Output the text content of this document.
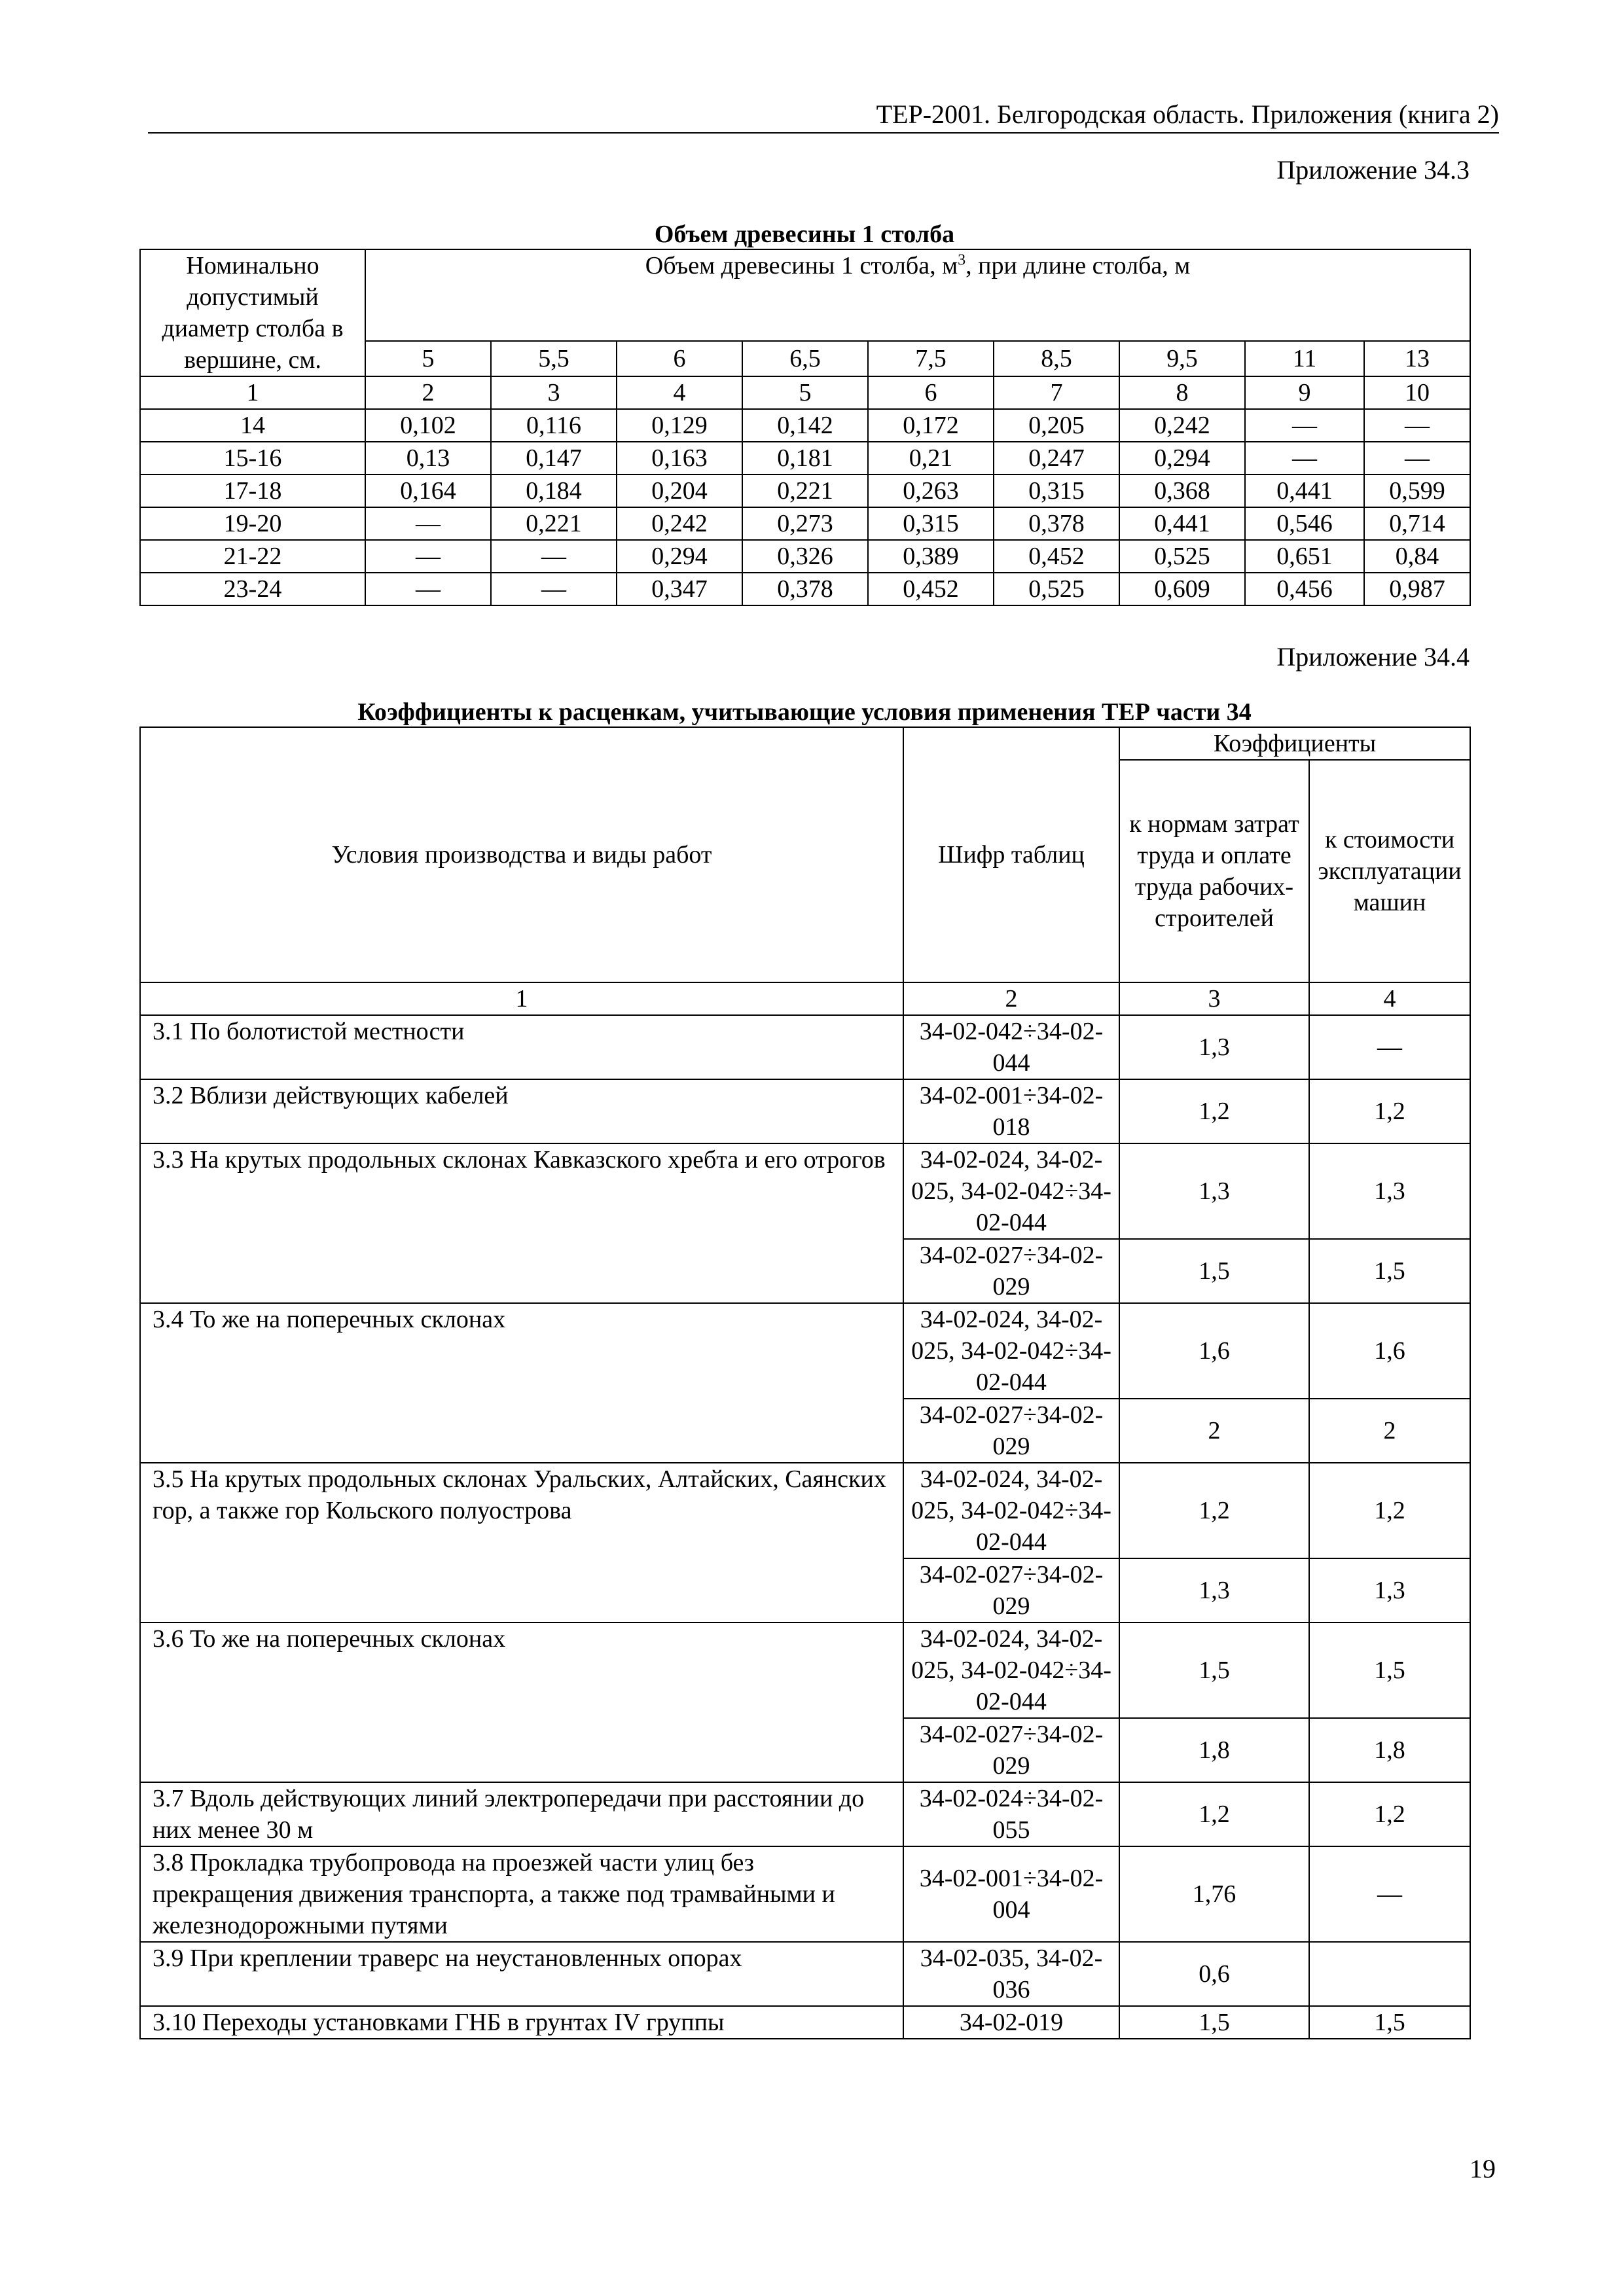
ТЕР-2001. Белгородская область. Приложения (книга 2)
Приложение 34.3
Объем древесины 1 столба
Номинально допустимый диаметр столба в вершине, см.	Объем древесины 1 столба, $м^3$, при длине столба, м								
	5	5,5	6	6,5	7,5	8,5	9,5	11	13
1	2	3	4	5	6	7	8	9	10
14	0,102	0,116	0,129	0,142	0,172	0,205	0,242	—	—
15-16	0,13	0,147	0,163	0,181	0,21	0,247	0,294	—	—
17-18	0,164	0,184	0,204	0,221	0,263	0,315	0,368	0,441	0,599
19-20	—	0,221	0,242	0,273	0,315	0,378	0,441	0,546	0,714
21-22	—	—	0,294	0,326	0,389	0,452	0,525	0,651	0,84
23-24	—	—	0,347	0,378	0,452	0,525	0,609	0,456	0,987
Приложение 34.4
Коэффициенты к расценкам, учитывающие условия применения ТЕР части 34
Условия производства и виды работ	Шифр таблиц	Коэффициенты	
		к нормам затрат труда и оплате труда рабочих-строителей	к стоимости эксплуатации машин
1	2	3	4
3.1 По болотистой местности	34-02-042÷34-02-044	1,3	—
3.2 Вблизи действующих кабелей	34-02-001÷34-02-018	1,2	1,2
3.3 На крутых продольных склонах Кавказского хребта и его отрогов	34-02-024, 34-02-025, 34-02-042÷34-02-044	1,3	1,3
	34-02-027÷34-02-029	1,5	1,5
3.4 То же на поперечных склонах	34-02-024, 34-02-025, 34-02-042÷34-02-044	1,6	1,6
	34-02-027÷34-02-029	2	2
3.5 На крутых продольных склонах Уральских, Алтайских, Саянских гор, а также гор Кольского полуострова	34-02-024, 34-02-025, 34-02-042÷34-02-044	1,2	1,2
	34-02-027÷34-02-029	1,3	1,3
3.6 То же на поперечных склонах	34-02-024, 34-02-025, 34-02-042÷34-02-044	1,5	1,5
	34-02-027÷34-02-029	1,8	1,8
3.7 Вдоль действующих линий электропередачи при расстоянии до них менее 30 м	34-02-024÷34-02-055	1,2	1,2
3.8 Прокладка трубопровода на проезжей части улиц без прекращения движения транспорта, а также под трамвайными и железнодорожными путями	34-02-001÷34-02-004	1,76	—
3.9 При креплении траверс на неустановленных опорах	34-02-035, 34-02-036	0,6	
3.10 Переходы установками ГНБ в грунтах IV группы	34-02-019	1,5	1,5
19
